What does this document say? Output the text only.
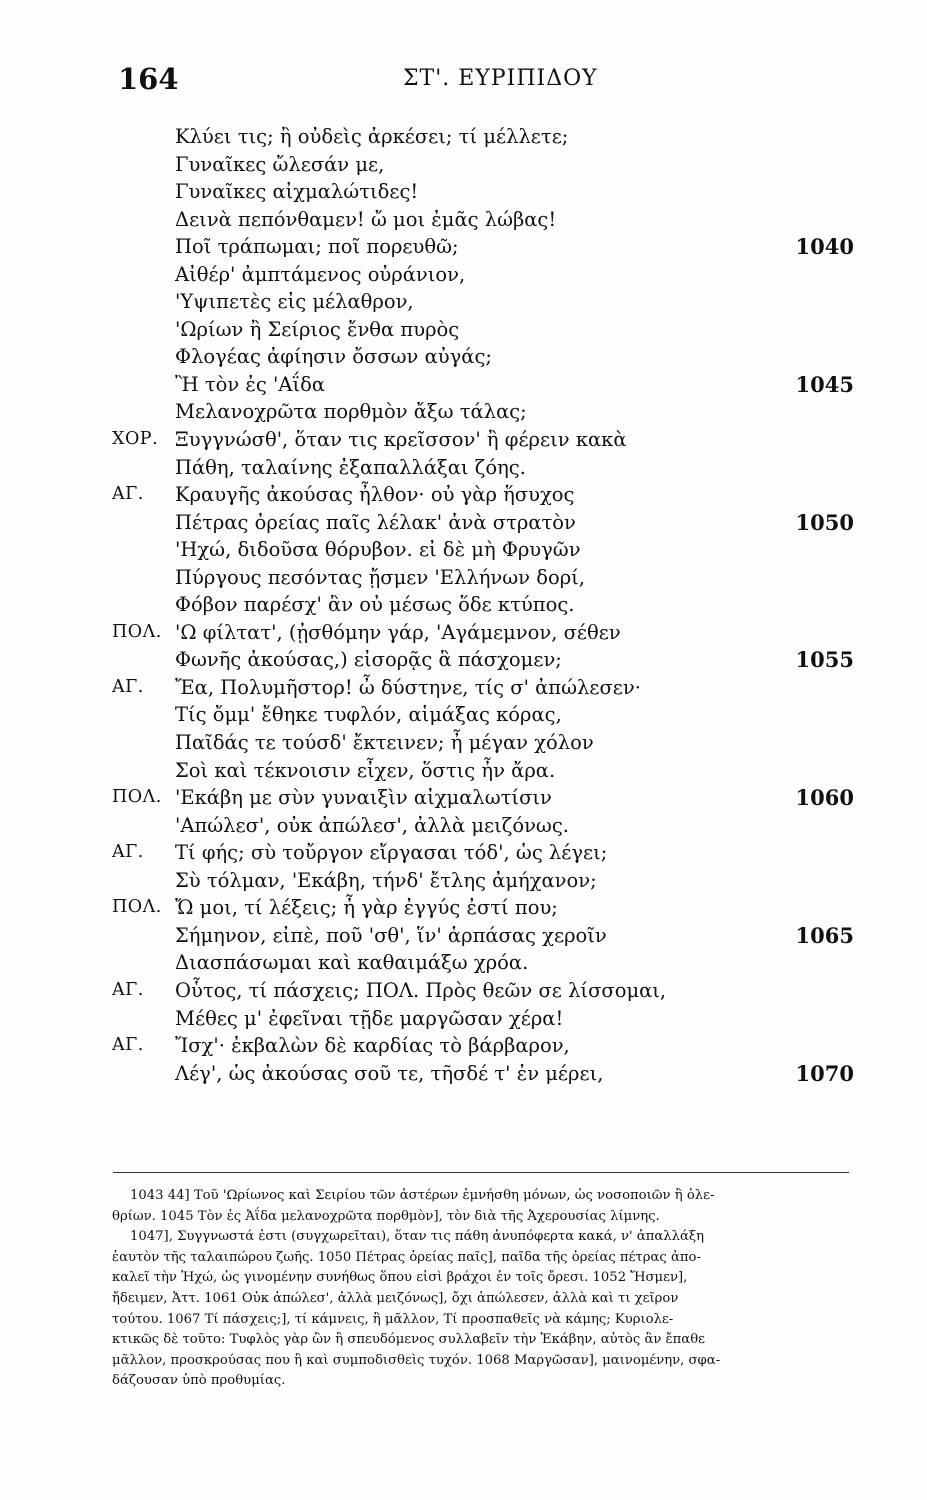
164	ΣΤ'. ΕΥΡΙΠΙΔΟΥ
Κλύει τις; ἢ οὐδεὶς ἀρκέσει; τί μέλλετε;
Γυναῖκες ὤλεσάν με,
Γυναῖκες αἰχμαλώτιδες!
Δεινὰ πεπόνθαμεν! ὤ μοι ἐμᾶς λώβας!
Ποῖ τράπωμαι; ποῖ πορευθῶ;	1040
Αἰθέρ' ἀμπτάμενος οὐράνιον,
'Υψιπετὲς εἰς μέλαθρον,
'Ωρίων ἢ Σείριος ἔνθα πυρὸς
Φλογέας ἀφίησιν ὄσσων αὐγάς;
Ἢ τὸν ἐς 'Αΐδα	1045
Μελανοχρῶτα πορθμὸν ἄξω τάλας;
ΧΟΡ. Ξυγγνώσθ', ὅταν τις κρεῖσσον' ἢ φέρειν κακὰ
Πάθη, ταλαίνης ἐξαπαλλάξαι ζόης.
ΑΓ. Κραυγῆς ἀκούσας ἦλθον· οὐ γὰρ ἥσυχος
Πέτρας ὀρείας παῖς λέλακ' ἀνὰ στρατὸν	1050
'Ηχώ, διδοῦσα θόρυβον. εἰ δὲ μὴ Φρυγῶν
Πύργους πεσόντας ᾔσμεν 'Ελλήνων δορί,
Φόβον παρέσχ' ἂν οὐ μέσως ὅδε κτύπος.
ΠΟΛ. 'Ω φίλτατ', (ᾐσθόμην γάρ, 'Αγάμεμνον, σέθεν
Φωνῆς ἀκούσας,) εἰσορᾷς ἃ πάσχομεν;	1055
ΑΓ. Ἔα, Πολυμῆστορ! ὦ δύστηνε, τίς σ' ἀπώλεσεν·
Τίς ὄμμ' ἔθηκε τυφλόν, αἱμάξας κόρας,
Παῖδάς τε τούσδ' ἔκτεινεν; ἦ μέγαν χόλον
Σοὶ καὶ τέκνοισιν εἶχεν, ὅστις ἦν ἄρα.
ΠΟΛ. 'Εκάβη με σὺν γυναιξὶν αἰχμαλωτίσιν	1060
'Απώλεσ', οὐκ ἀπώλεσ', ἀλλὰ μειζόνως.
ΑΓ. Τί φής; σὺ τοὔργον εἴργασαι τόδ', ὡς λέγει;
Σὺ τόλμαν, 'Εκάβη, τήνδ' ἔτλης ἀμήχανον;
ΠΟΛ. Ὤ μοι, τί λέξεις; ἦ γὰρ ἐγγύς ἐστί που;
Σήμηνον, εἰπὲ, ποῦ 'σθ', ἵν' ἁρπάσας χεροῖν	1065
Διασπάσωμαι καὶ καθαιμάξω χρόα.
ΑΓ. Οὗτος, τί πάσχεις; ΠΟΛ. Πρὸς θεῶν σε λίσσομαι,
Μέθες μ' ἐφεῖναι τῇδε μαργῶσαν χέρα!
ΑΓ. Ἴσχ'· ἐκβαλὼν δὲ καρδίας τὸ βάρβαρον,
Λέγ', ὡς ἀκούσας σοῦ τε, τῆσδέ τ' ἐν μέρει,	1070
1043 44] Τοῦ 'Ωρίωνος καὶ Σειρίου τῶν ἀστέρων ἐμνήσθη μόνων, ὡς νοσοποιῶν ἢ ὀλε-
θρίων. 1045 Τὸν ἐς Ἀΐδα μελανοχρῶτα πορθμὸν], τὸν διὰ τῆς Ἀχερουσίας λίμνης.
1047], Συγγνωστά ἐστι (συγχωρεῖται), ὅταν τις πάθη ἀνυπόφερτα κακά, ν' ἀπαλλάξη
ἑαυτὸν τῆς ταλαιπώρου ζωῆς. 1050 Πέτρας ὀρείας παῖς], παῖδα τῆς ὀρείας πέτρας ἀπο-
καλεῖ τὴν Ἠχώ, ὡς γινομένην συνήθως ὅπου εἰσὶ βράχοι ἐν τοῖς ὄρεσι. 1052 Ἤσμεν],
ἤδειμεν, Ἀττ. 1061 Οὐκ ἀπώλεσ', ἀλλὰ μειζόνως], ὄχι ἀπώλεσεν, ἀλλὰ καὶ τι χεῖρον
τούτου. 1067 Τί πάσχεις;], τί κάμνεις, ἢ μᾶλλον, Τί προσπαθεῖς νὰ κάμης; Κυριολε-
κτικῶς δὲ τοῦτο: Τυφλὸς γὰρ ὢν ἢ σπευδόμενος συλλαβεῖν τὴν Ἑκάβην, αὐτὸς ἂν ἔπαθε
μᾶλλον, προσκρούσας που ἢ καὶ συμποδισθεὶς τυχόν. 1068 Μαργῶσαν], μαινομένην, σφα-
δάζουσαν ὑπὸ προθυμίας.
